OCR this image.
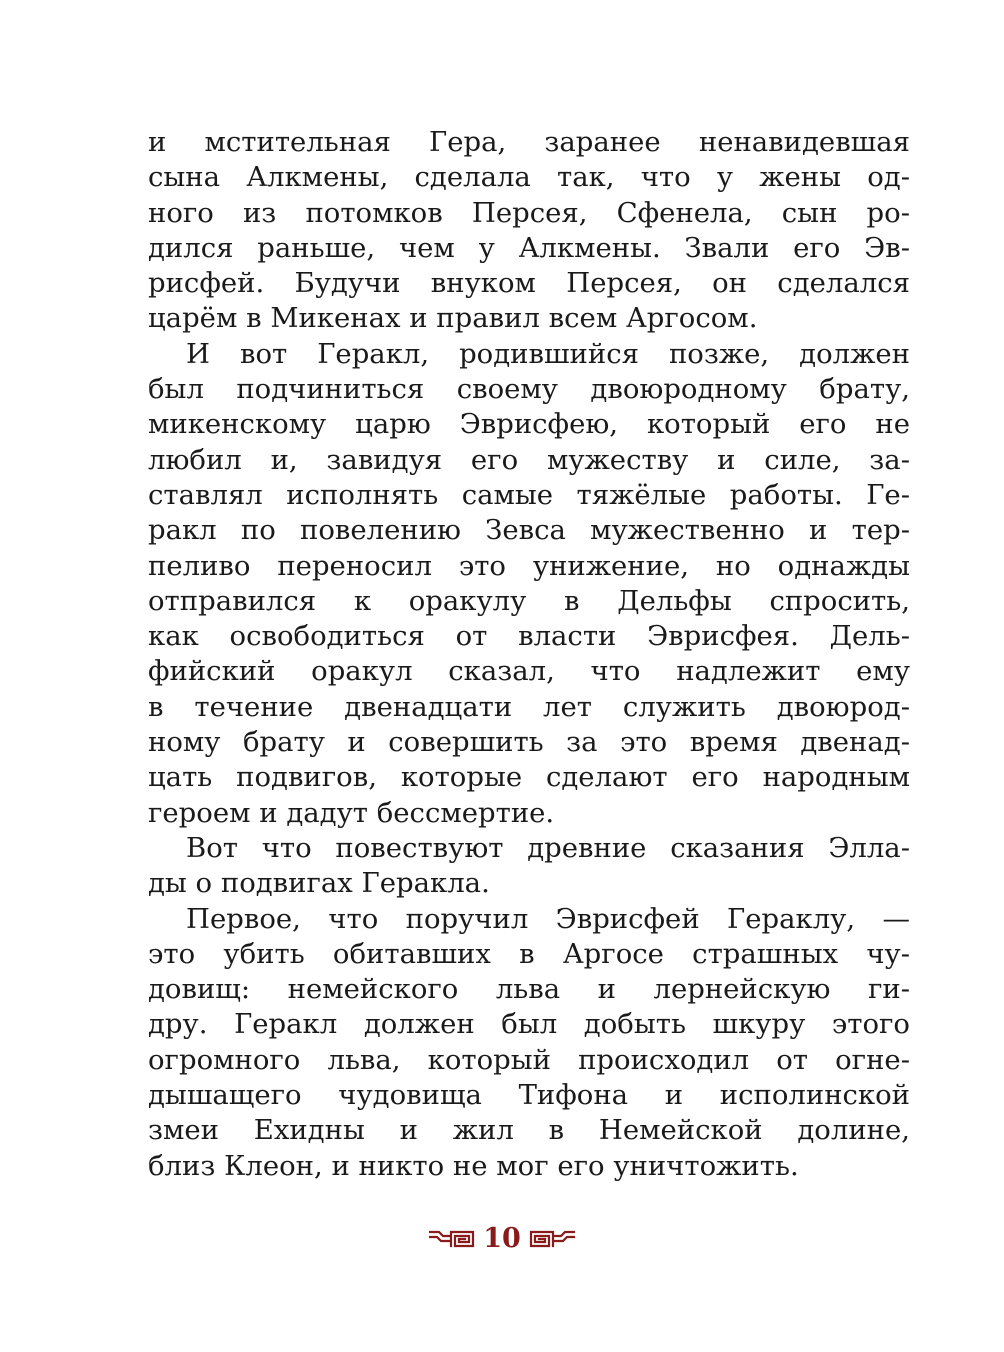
и мстительная Гера, заранее ненавидевшая
сына Алкмены, сделала так, что у жены од-
ного из потомков Персея, Сфенела, сын ро-
дился раньше, чем у Алкмены. Звали его Эв-
рисфей. Будучи внуком Персея, он сделался
царём в Микенах и правил всем Аргосом.
И вот Геракл, родившийся позже, должен
был подчиниться своему двоюродному брату,
микенскому царю Эврисфею, который его не
любил и, завидуя его мужеству и силе, за-
ставлял исполнять самые тяжёлые работы. Ге-
ракл по повелению Зевса мужественно и тер-
пеливо переносил это унижение, но однажды
отправился к оракулу в Дельфы спросить,
как освободиться от власти Эврисфея. Дель-
фийский оракул сказал, что надлежит ему
в течение двенадцати лет служить двоюрод-
ному брату и совершить за это время двенад-
цать подвигов, которые сделают его народным
героем и дадут бессмертие.
Вот что повествуют древние сказания Элла-
ды о подвигах Геракла.
Первое, что поручил Эврисфей Гераклу, —
это убить обитавших в Аргосе страшных чу-
довищ: немейского льва и лернейскую ги-
дру. Геракл должен был добыть шкуру этого
огромного льва, который происходил от огне-
дышащего чудовища Тифона и исполинской
змеи Ехидны и жил в Немейской долине,
близ Клеон, и никто не мог его уничтожить.
10
